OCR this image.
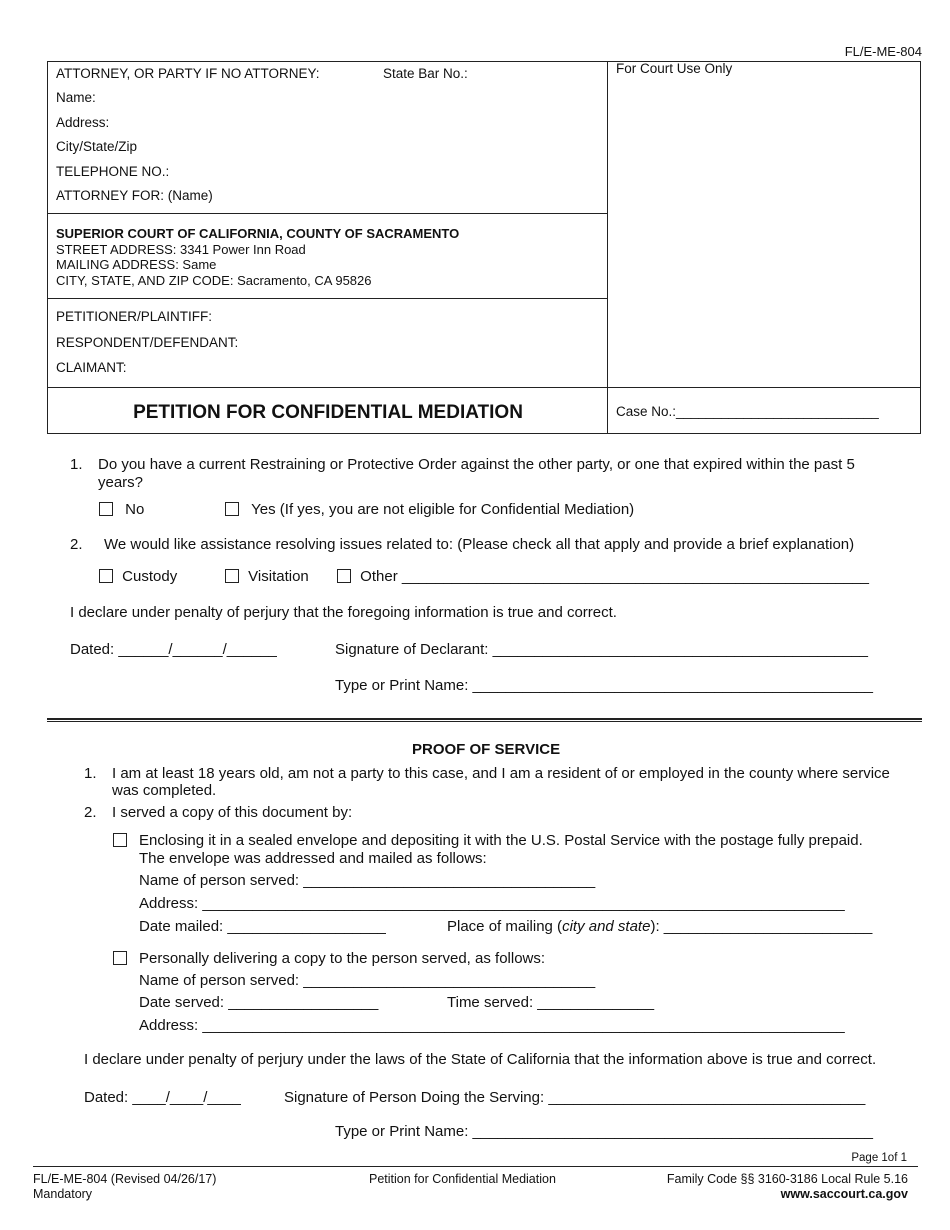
FL/E-ME-804
ATTORNEY, OR PARTY IF NO ATTORNEY:	State Bar No.:
Name:
Address:
City/State/Zip
TELEPHONE NO.:
ATTORNEY FOR: (Name)
For Court Use Only
SUPERIOR COURT OF CALIFORNIA, COUNTY OF SACRAMENTO
STREET ADDRESS: 3341 Power Inn Road
MAILING ADDRESS: Same
CITY, STATE, AND ZIP CODE: Sacramento, CA 95826
PETITIONER/PLAINTIFF:
RESPONDENT/DEFENDANT:
CLAIMANT:
PETITION FOR CONFIDENTIAL MEDIATION	Case No.:___________________________
1. Do you have a current Restraining or Protective Order against the other party, or one that expired within the past 5
years?
No	Yes (If yes, you are not eligible for Confidential Mediation)
2. We would like assistance resolving issues related to: (Please check all that apply and provide a brief explanation)
Custody	Visitation	Other ________________________________________________________
I declare under penalty of perjury that the foregoing information is true and correct.
Dated: ______/______/______	Signature of Declarant: _____________________________________________
Type or Print Name: ________________________________________________
PROOF OF SERVICE
1. I am at least 18 years old, am not a party to this case, and I am a resident of or employed in the county where service
was completed.
2. I served a copy of this document by:
Enclosing it in a sealed envelope and depositing it with the U.S. Postal Service with the postage fully prepaid.
The envelope was addressed and mailed as follows:
Name of person served: ___________________________________
Address: _____________________________________________________________________________
Date mailed: ___________________	Place of mailing (city and state): _________________________
Personally delivering a copy to the person served, as follows:
Name of person served: ___________________________________
Date served: __________________	Time served: ______________
Address: _____________________________________________________________________________
I declare under penalty of perjury under the laws of the State of California that the information above is true and correct.
Dated: ____/____/____	Signature of Person Doing the Serving: ______________________________________
Type or Print Name: ________________________________________________
Page 1of 1
FL/E-ME-804 (Revised 04/26/17)
Mandatory
Petition for Confidential Mediation	Family Code §§ 3160-3186 Local Rule 5.16
www.saccourt.ca.gov
